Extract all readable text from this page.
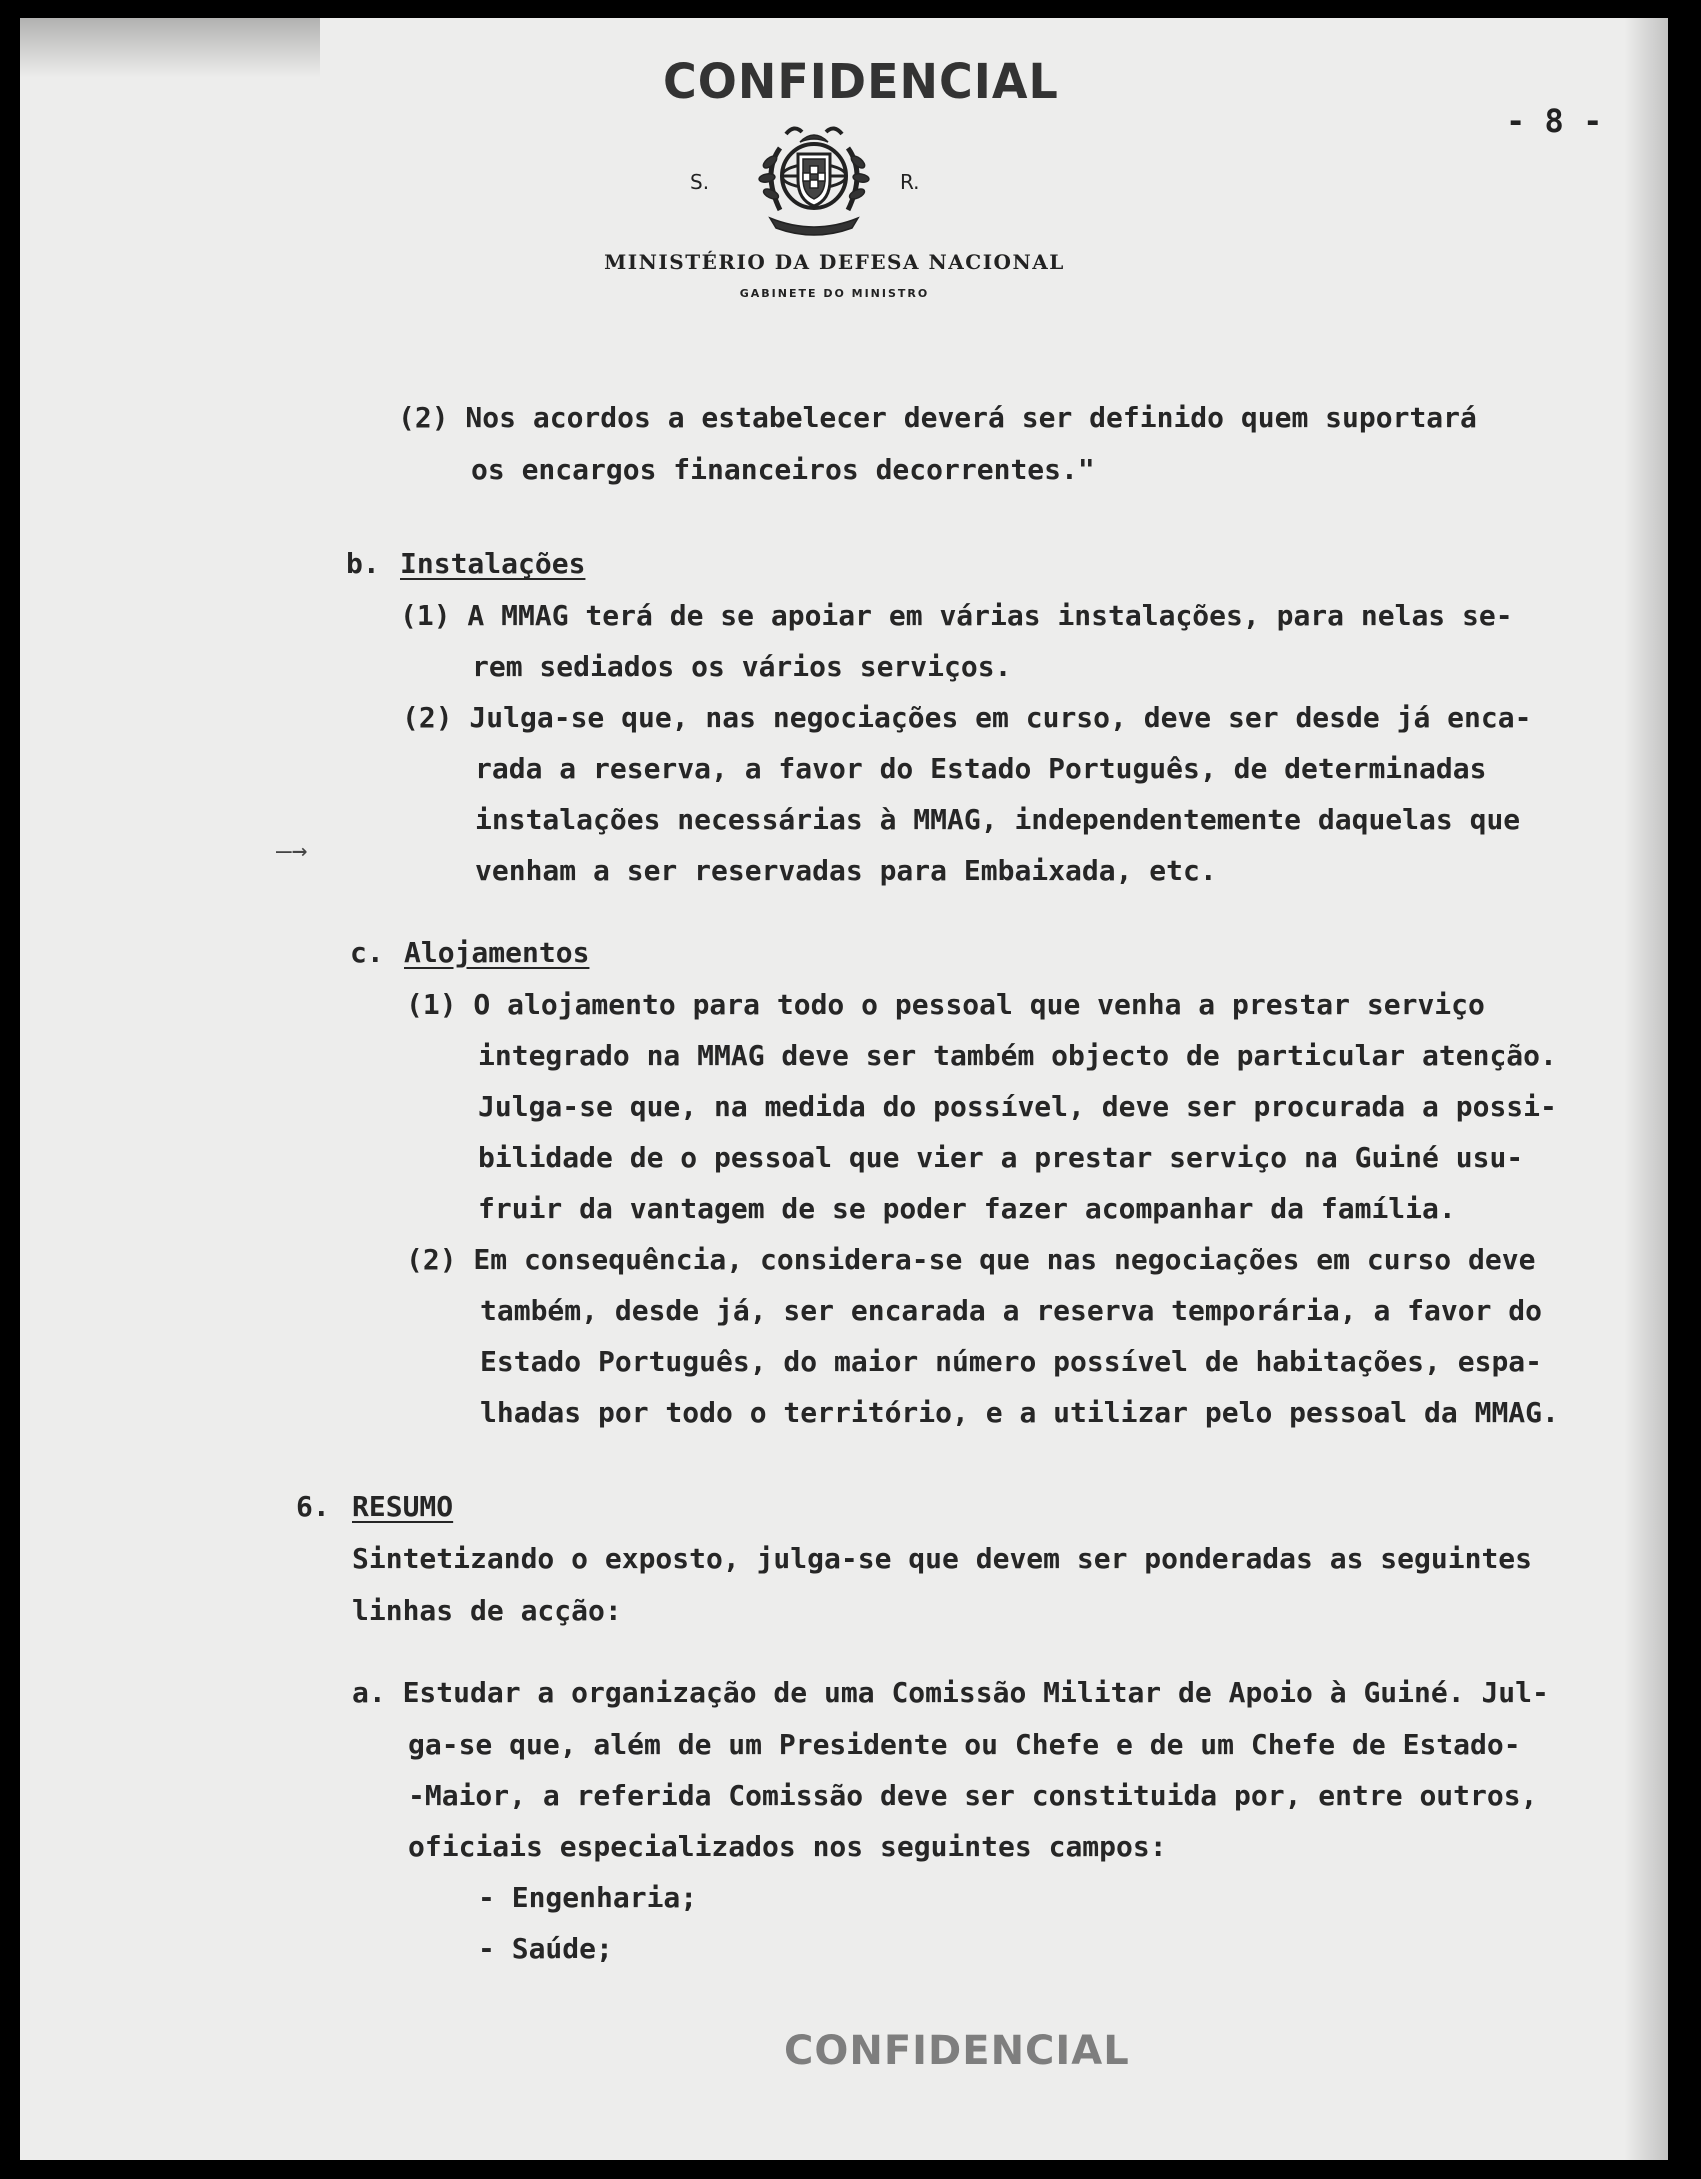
CONFIDENCIAL
- 8 -
S.	R.
MINISTÉRIO DA DEFESA NACIONAL
GABINETE DO MINISTRO
(2) Nos acordos a estabelecer deverá ser definido quem suportará
os encargos financeiros decorrentes."
b. Instalações
(1) A MMAG terá de se apoiar em várias instalações, para nelas se-
rem sediados os vários serviços.
(2) Julga-se que, nas negociações em curso, deve ser desde já enca-
rada a reserva, a favor do Estado Português, de determinadas
instalações necessárias à MMAG, independentemente daquelas que
venham a ser reservadas para Embaixada, etc.
—→
c. Alojamentos
(1) O alojamento para todo o pessoal que venha a prestar serviço
integrado na MMAG deve ser também objecto de particular atenção.
Julga-se que, na medida do possível, deve ser procurada a possi-
bilidade de o pessoal que vier a prestar serviço na Guiné usu-
fruir da vantagem de se poder fazer acompanhar da família.
(2) Em consequência, considera-se que nas negociações em curso deve
também, desde já, ser encarada a reserva temporária, a favor do
Estado Português, do maior número possível de habitações, espa-
lhadas por todo o território, e a utilizar pelo pessoal da MMAG.
6. RESUMO
Sintetizando o exposto, julga-se que devem ser ponderadas as seguintes
linhas de acção:
a. Estudar a organização de uma Comissão Militar de Apoio à Guiné. Jul-
ga-se que, além de um Presidente ou Chefe e de um Chefe de Estado-
-Maior, a referida Comissão deve ser constituida por, entre outros,
oficiais especializados nos seguintes campos:
- Engenharia;
- Saúde;
CONFIDENCIAL
